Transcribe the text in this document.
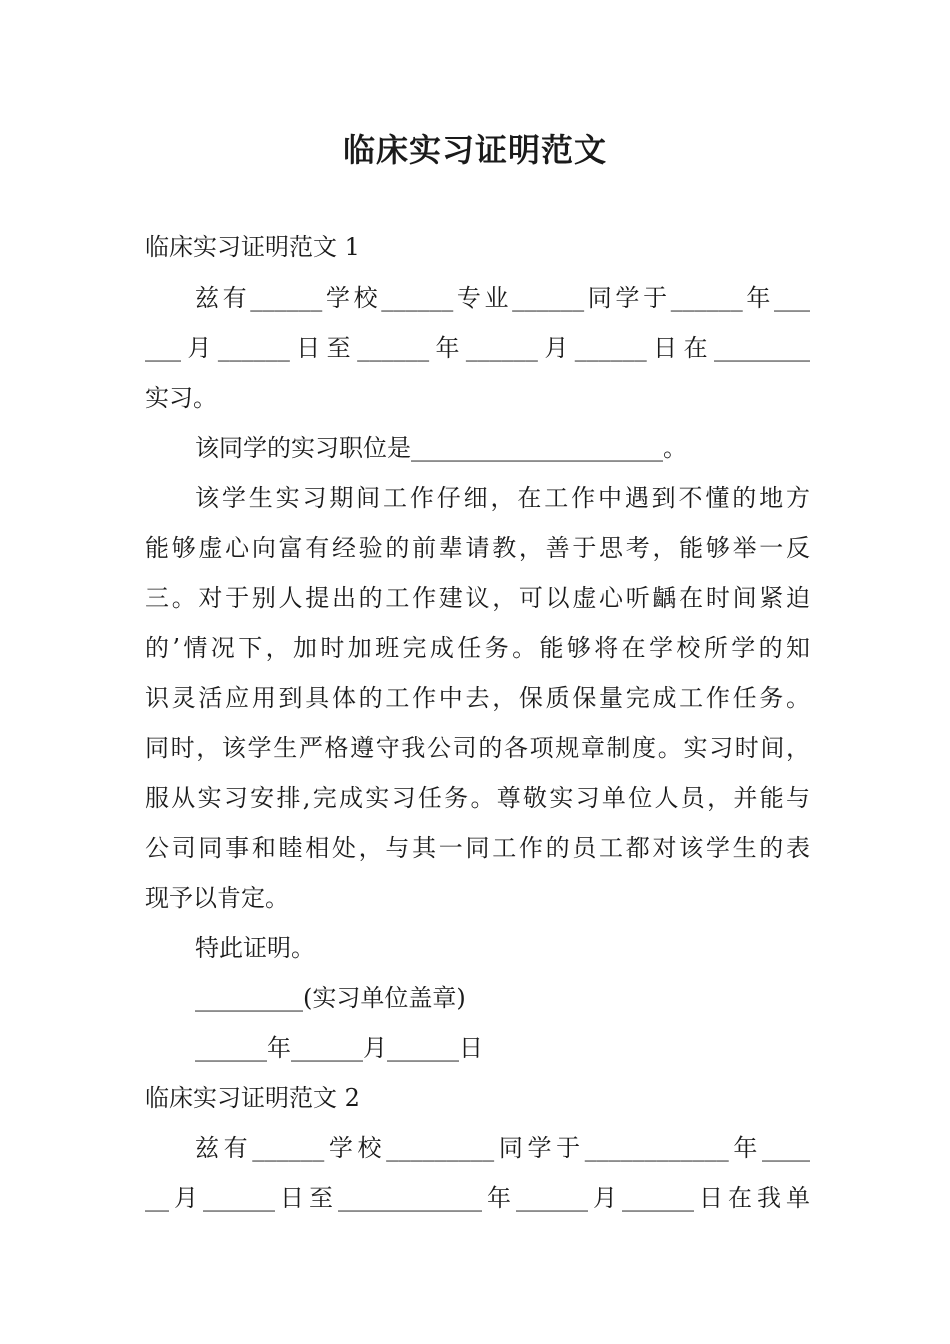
临床实习证明范文
临床实习证明范文 1
兹有______学校______专业______同学于______年___
___月______日至______年______月______日在________
实习。
该同学的实习职位是_____________________。
该学生实习期间工作仔细，在工作中遇到不懂的地方
能够虚心向富有经验的前辈请教，善于思考，能够举一反
三。对于别人提出的工作建议，可以虚心听齲在时间紧迫
的’情况下，加时加班完成任务。能够将在学校所学的知
识灵活应用到具体的工作中去，保质保量完成工作任务。
同时，该学生严格遵守我公司的各项规章制度。实习时间，
服从实习安排,完成实习任务。尊敬实习单位人员，并能与
公司同事和睦相处，与其一同工作的员工都对该学生的表
现予以肯定。
特此证明。
_________(实习单位盖章)
______年______月______日
临床实习证明范文 2
兹有______学校_________同学于____________年____
__月______日至____________年______月______日在我单
